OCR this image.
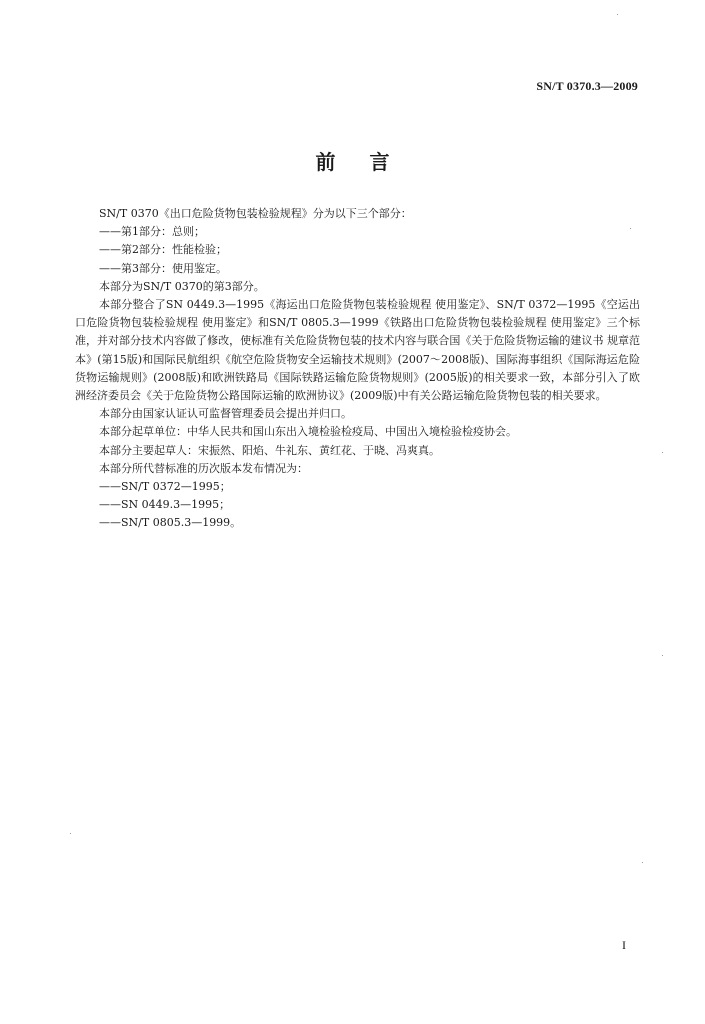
SN/T 0370.3—2009
前言

SN/T 0370《出口危险货物包装检验规程》分为以下三个部分：

——第1部分：总则；

——第2部分：性能检验；

——第3部分：使用鉴定。

本部分为SN/T 0370的第3部分。

本部分整合了SN 0449.3—1995《海运出口危险货物包装检验规程 使用鉴定》、SN/T 0372—1995《空运出口危险货物包装检验规程 使用鉴定》和SN/T 0805.3—1999《铁路出口危险货物包装检验规程 使用鉴定》三个标准，并对部分技术内容做了修改，使标准有关危险货物包装的技术内容与联合国《关于危险货物运输的建议书 规章范本》(第15版)和国际民航组织《航空危险货物安全运输技术规则》(2007～2008版)、国际海事组织《国际海运危险货物运输规则》(2008版)和欧洲铁路局《国际铁路运输危险货物规则》(2005版)的相关要求一致，本部分引入了欧洲经济委员会《关于危险货物公路国际运输的欧洲协议》(2009版)中有关公路运输危险货物包装的相关要求。

本部分由国家认证认可监督管理委员会提出并归口。

本部分起草单位：中华人民共和国山东出入境检验检疫局、中国出入境检验检疫协会。

本部分主要起草人：宋振然、阳焰、牛礼东、黄红花、于晓、冯爽真。

本部分所代替标准的历次版本发布情况为：

——SN/T 0372—1995；

——SN 0449.3—1995；

——SN/T 0805.3—1999。

I
